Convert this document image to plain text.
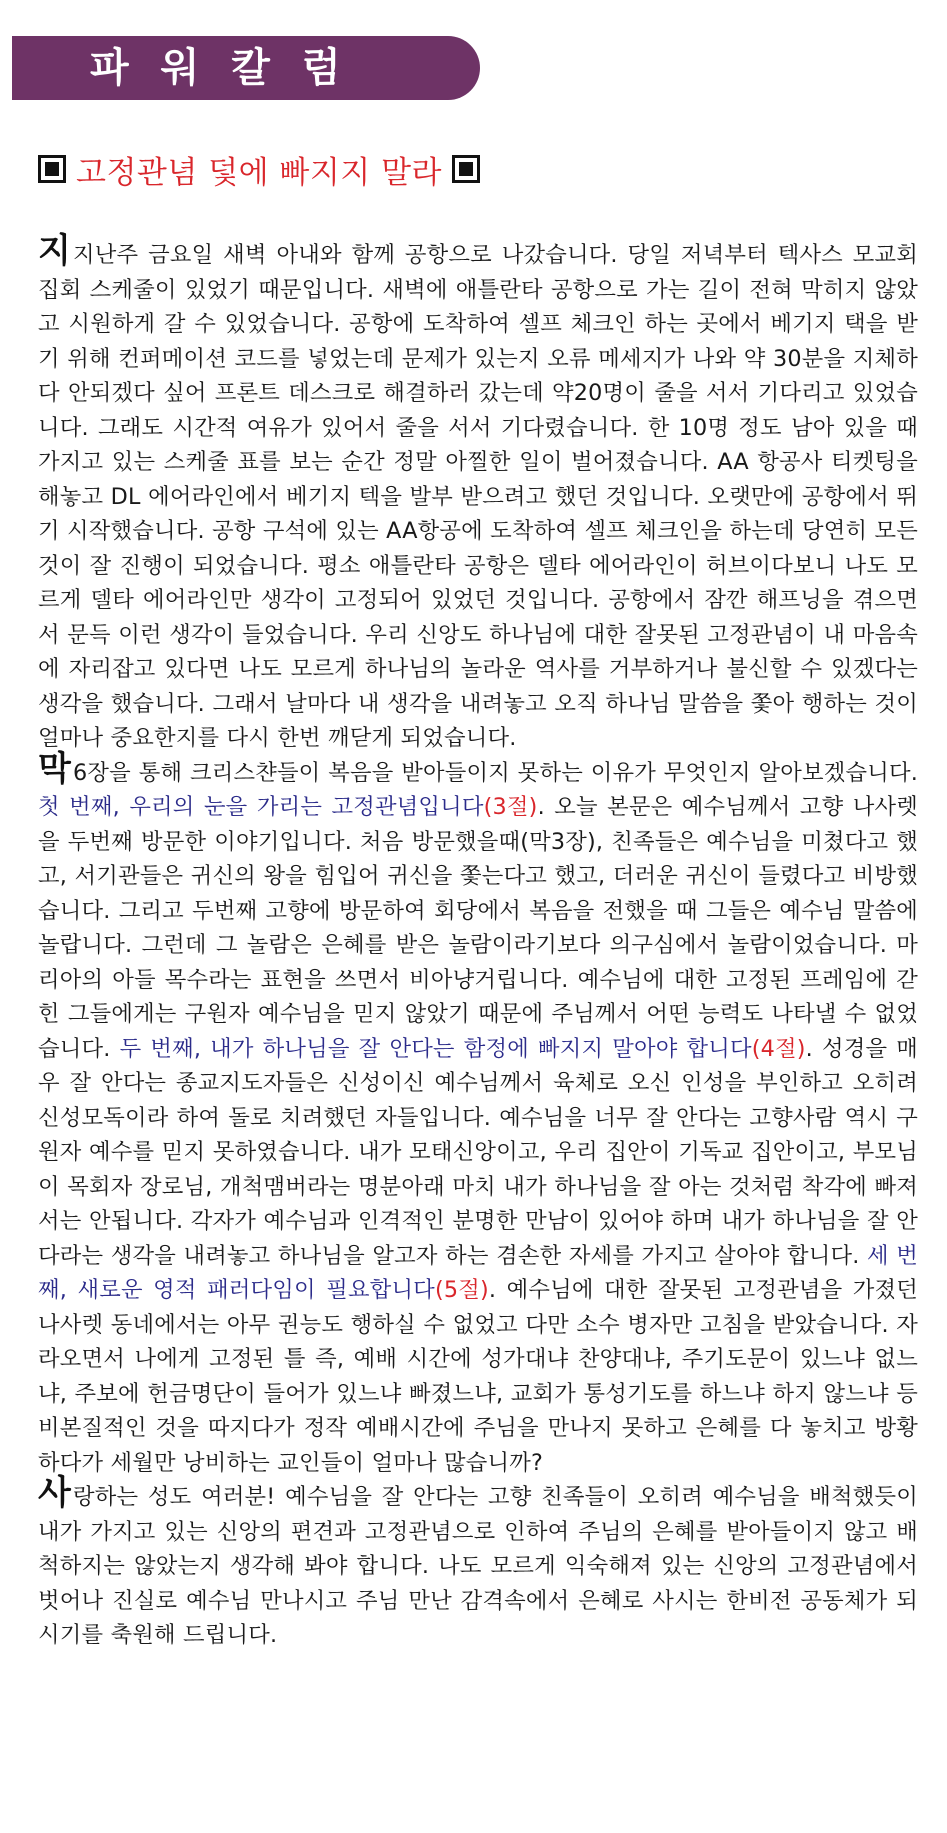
파워칼럼
고정관념 덫에 빠지지 말라

지지난주 금요일 새벽 아내와 함께 공항으로 나갔습니다. 당일 저녁부터 텍사스 모교회 집회 스케줄이 있었기 때문입니다. 새벽에 애틀란타 공항으로 가는 길이 전혀 막히지 않았고 시원하게 갈 수 있었습니다. 공항에 도착하여 셀프 체크인 하는 곳에서 베기지 택을 받기 위해 컨퍼메이션 코드를 넣었는데 문제가 있는지 오류 메세지가 나와 약 30분을 지체하다 안되겠다 싶어 프론트 데스크로 해결하러 갔는데 약20명이 줄을 서서 기다리고 있었습니다. 그래도 시간적 여유가 있어서 줄을 서서 기다렸습니다. 한 10명 정도 남아 있을 때 가지고 있는 스케줄 표를 보는 순간 정말 아찔한 일이 벌어졌습니다. AA 항공사 티켓팅을 해놓고 DL 에어라인에서 베기지 텍을 발부 받으려고 했던 것입니다. 오랫만에 공항에서 뛰기 시작했습니다. 공항 구석에 있는 AA항공에 도착하여 셀프 체크인을 하는데 당연히 모든 것이 잘 진행이 되었습니다. 평소 애틀란타 공항은 델타 에어라인이 허브이다보니 나도 모르게 델타 에어라인만 생각이 고정되어 있었던 것입니다. 공항에서 잠깐 해프닝을 겪으면서 문득 이런 생각이 들었습니다. 우리 신앙도 하나님에 대한 잘못된 고정관념이 내 마음속에 자리잡고 있다면 나도 모르게 하나님의 놀라운 역사를 거부하거나 불신할 수 있겠다는 생각을 했습니다. 그래서 날마다 내 생각을 내려놓고 오직 하나님 말씀을 쫓아 행하는 것이 얼마나 중요한지를 다시 한번 깨닫게 되었습니다.

막6장을 통해 크리스챤들이 복음을 받아들이지 못하는 이유가 무엇인지 알아보겠습니다. 첫 번째, 우리의 눈을 가리는 고정관념입니다(3절). 오늘 본문은 예수님께서 고향 나사렛을 두번째 방문한 이야기입니다. 처음 방문했을때(막3장), 친족들은 예수님을 미쳤다고 했고, 서기관들은 귀신의 왕을 힘입어 귀신을 쫓는다고 했고, 더러운 귀신이 들렸다고 비방했습니다. 그리고 두번째 고향에 방문하여 회당에서 복음을 전했을 때 그들은 예수님 말씀에 놀랍니다. 그런데 그 놀람은 은혜를 받은 놀람이라기보다 의구심에서 놀람이었습니다. 마리아의 아들 목수라는 표현을 쓰면서 비아냥거립니다. 예수님에 대한 고정된 프레임에 갇힌 그들에게는 구원자 예수님을 믿지 않았기 때문에 주님께서 어떤 능력도 나타낼 수 없었습니다. 두 번째, 내가 하나님을 잘 안다는 함정에 빠지지 말아야 합니다(4절). 성경을 매우 잘 안다는 종교지도자들은 신성이신 예수님께서 육체로 오신 인성을 부인하고 오히려 신성모독이라 하여 돌로 치려했던 자들입니다. 예수님을 너무 잘 안다는 고향사람 역시 구원자 예수를 믿지 못하였습니다. 내가 모태신앙이고, 우리 집안이 기독교 집안이고, 부모님이 목회자 장로님, 개척맴버라는 명분아래 마치 내가 하나님을 잘 아는 것처럼 착각에 빠져서는 안됩니다. 각자가 예수님과 인격적인 분명한 만남이 있어야 하며 내가 하나님을 잘 안다라는 생각을 내려놓고 하나님을 알고자 하는 겸손한 자세를 가지고 살아야 합니다. 세 번째, 새로운 영적 패러다임이 필요합니다(5절). 예수님에 대한 잘못된 고정관념을 가졌던 나사렛 동네에서는 아무 권능도 행하실 수 없었고 다만 소수 병자만 고침을 받았습니다. 자라오면서 나에게 고정된 틀 즉, 예배 시간에 성가대냐 찬양대냐, 주기도문이 있느냐 없느냐, 주보에 헌금명단이 들어가 있느냐 빠졌느냐, 교회가 통성기도를 하느냐 하지 않느냐 등 비본질적인 것을 따지다가 정작 예배시간에 주님을 만나지 못하고 은혜를 다 놓치고 방황하다가 세월만 낭비하는 교인들이 얼마나 많습니까?

사랑하는 성도 여러분! 예수님을 잘 안다는 고향 친족들이 오히려 예수님을 배척했듯이 내가 가지고 있는 신앙의 편견과 고정관념으로 인하여 주님의 은혜를 받아들이지 않고 배척하지는 않았는지 생각해 봐야 합니다. 나도 모르게 익숙해져 있는 신앙의 고정관념에서 벗어나 진실로 예수님 만나시고 주님 만난 감격속에서 은혜로 사시는 한비전 공동체가 되시기를 축원해 드립니다.
